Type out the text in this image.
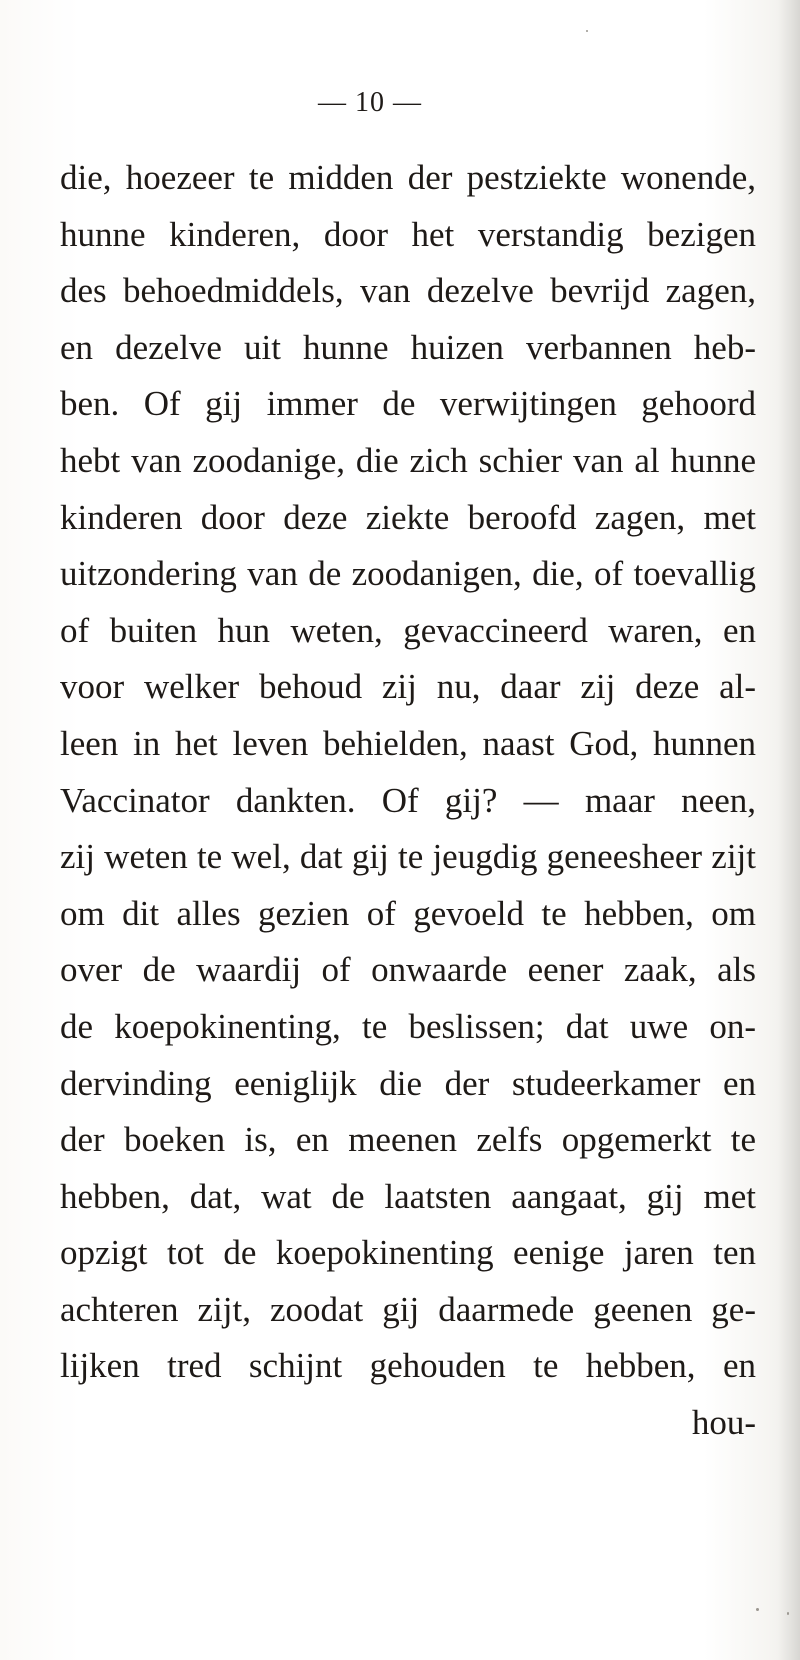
— 10 —
die, hoezeer te midden der pestziekte wonende,
hunne kinderen, door het verstandig bezigen
des behoedmiddels, van dezelve bevrijd zagen,
en dezelve uit hunne huizen verbannen heb-
ben. Of gij immer de verwijtingen gehoord
hebt van zoodanige, die zich schier van al hunne
kinderen door deze ziekte beroofd zagen, met
uitzondering van de zoodanigen, die, of toevallig
of buiten hun weten, gevaccineerd waren, en
voor welker behoud zij nu, daar zij deze al-
leen in het leven behielden, naast God, hunnen
Vaccinator dankten. Of gij? — maar neen,
zij weten te wel, dat gij te jeugdig geneesheer zijt
om dit alles gezien of gevoeld te hebben, om
over de waardij of onwaarde eener zaak, als
de koepokinenting, te beslissen; dat uwe on-
dervinding eeniglijk die der studeerkamer en
der boeken is, en meenen zelfs opgemerkt te
hebben, dat, wat de laatsten aangaat, gij met
opzigt tot de koepokinenting eenige jaren ten
achteren zijt, zoodat gij daarmede geenen ge-
lijken tred schijnt gehouden te hebben, en
hou-
